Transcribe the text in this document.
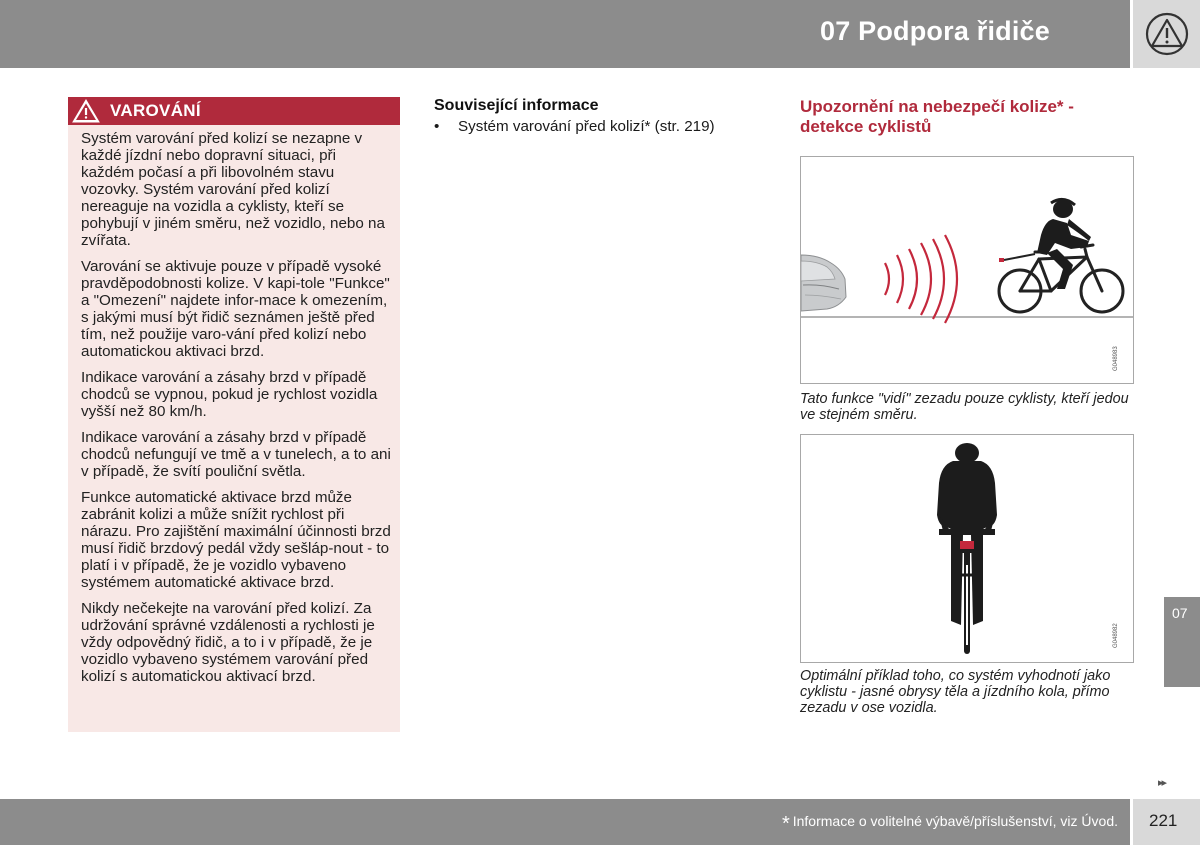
07 Podpora řidiče
VAROVÁNÍ

Systém varování před kolizí se nezapne v každé jízdní nebo dopravní situaci, při každém počasí a při libovolném stavu vozovky. Systém varování před kolizí nereaguje na vozidla a cyklisty, kteří se pohybují v jiném směru, než vozidlo, nebo na zvířata.

Varování se aktivuje pouze v případě vysoké pravděpodobnosti kolize. V kapi-tole "Funkce" a "Omezení" najdete infor-mace k omezením, s jakými musí být řidič seznámen ještě před tím, než použije varo-vání před kolizí nebo automatickou aktivaci brzd.

Indikace varování a zásahy brzd v případě chodců se vypnou, pokud je rychlost vozidla vyšší než 80 km/h.

Indikace varování a zásahy brzd v případě chodců nefungují ve tmě a v tunelech, a to ani v případě, že svítí pouliční světla.

Funkce automatické aktivace brzd může zabránit kolizi a může snížit rychlost při nárazu. Pro zajištění maximální účinnosti brzd musí řidič brzdový pedál vždy sešláp-nout - to platí i v případě, že je vozidlo vybaveno systémem automatické aktivace brzd.

Nikdy nečekejte na varování před kolizí. Za udržování správné vzdálenosti a rychlosti je vždy odpovědný řidič, a to i v případě, že je vozidlo vybaveno systémem varování před kolizí s automatickou aktivací brzd.

Související informace
•	Systém varování před kolizí* (str. 219)
Upozornění na nebezpečí kolize* - detekce cyklistů
G048983
Tato funkce "vidí" zezadu pouze cyklisty, kteří jedou ve stejném směru.
G048982
Optimální příklad toho, co systém vyhodnotí jako cyklistu - jasné obrysy těla a jízdního kola, přímo zezadu v ose vozidla.
07
▸▸
* Informace o volitelné výbavě/příslušenství, viz Úvod. 221
